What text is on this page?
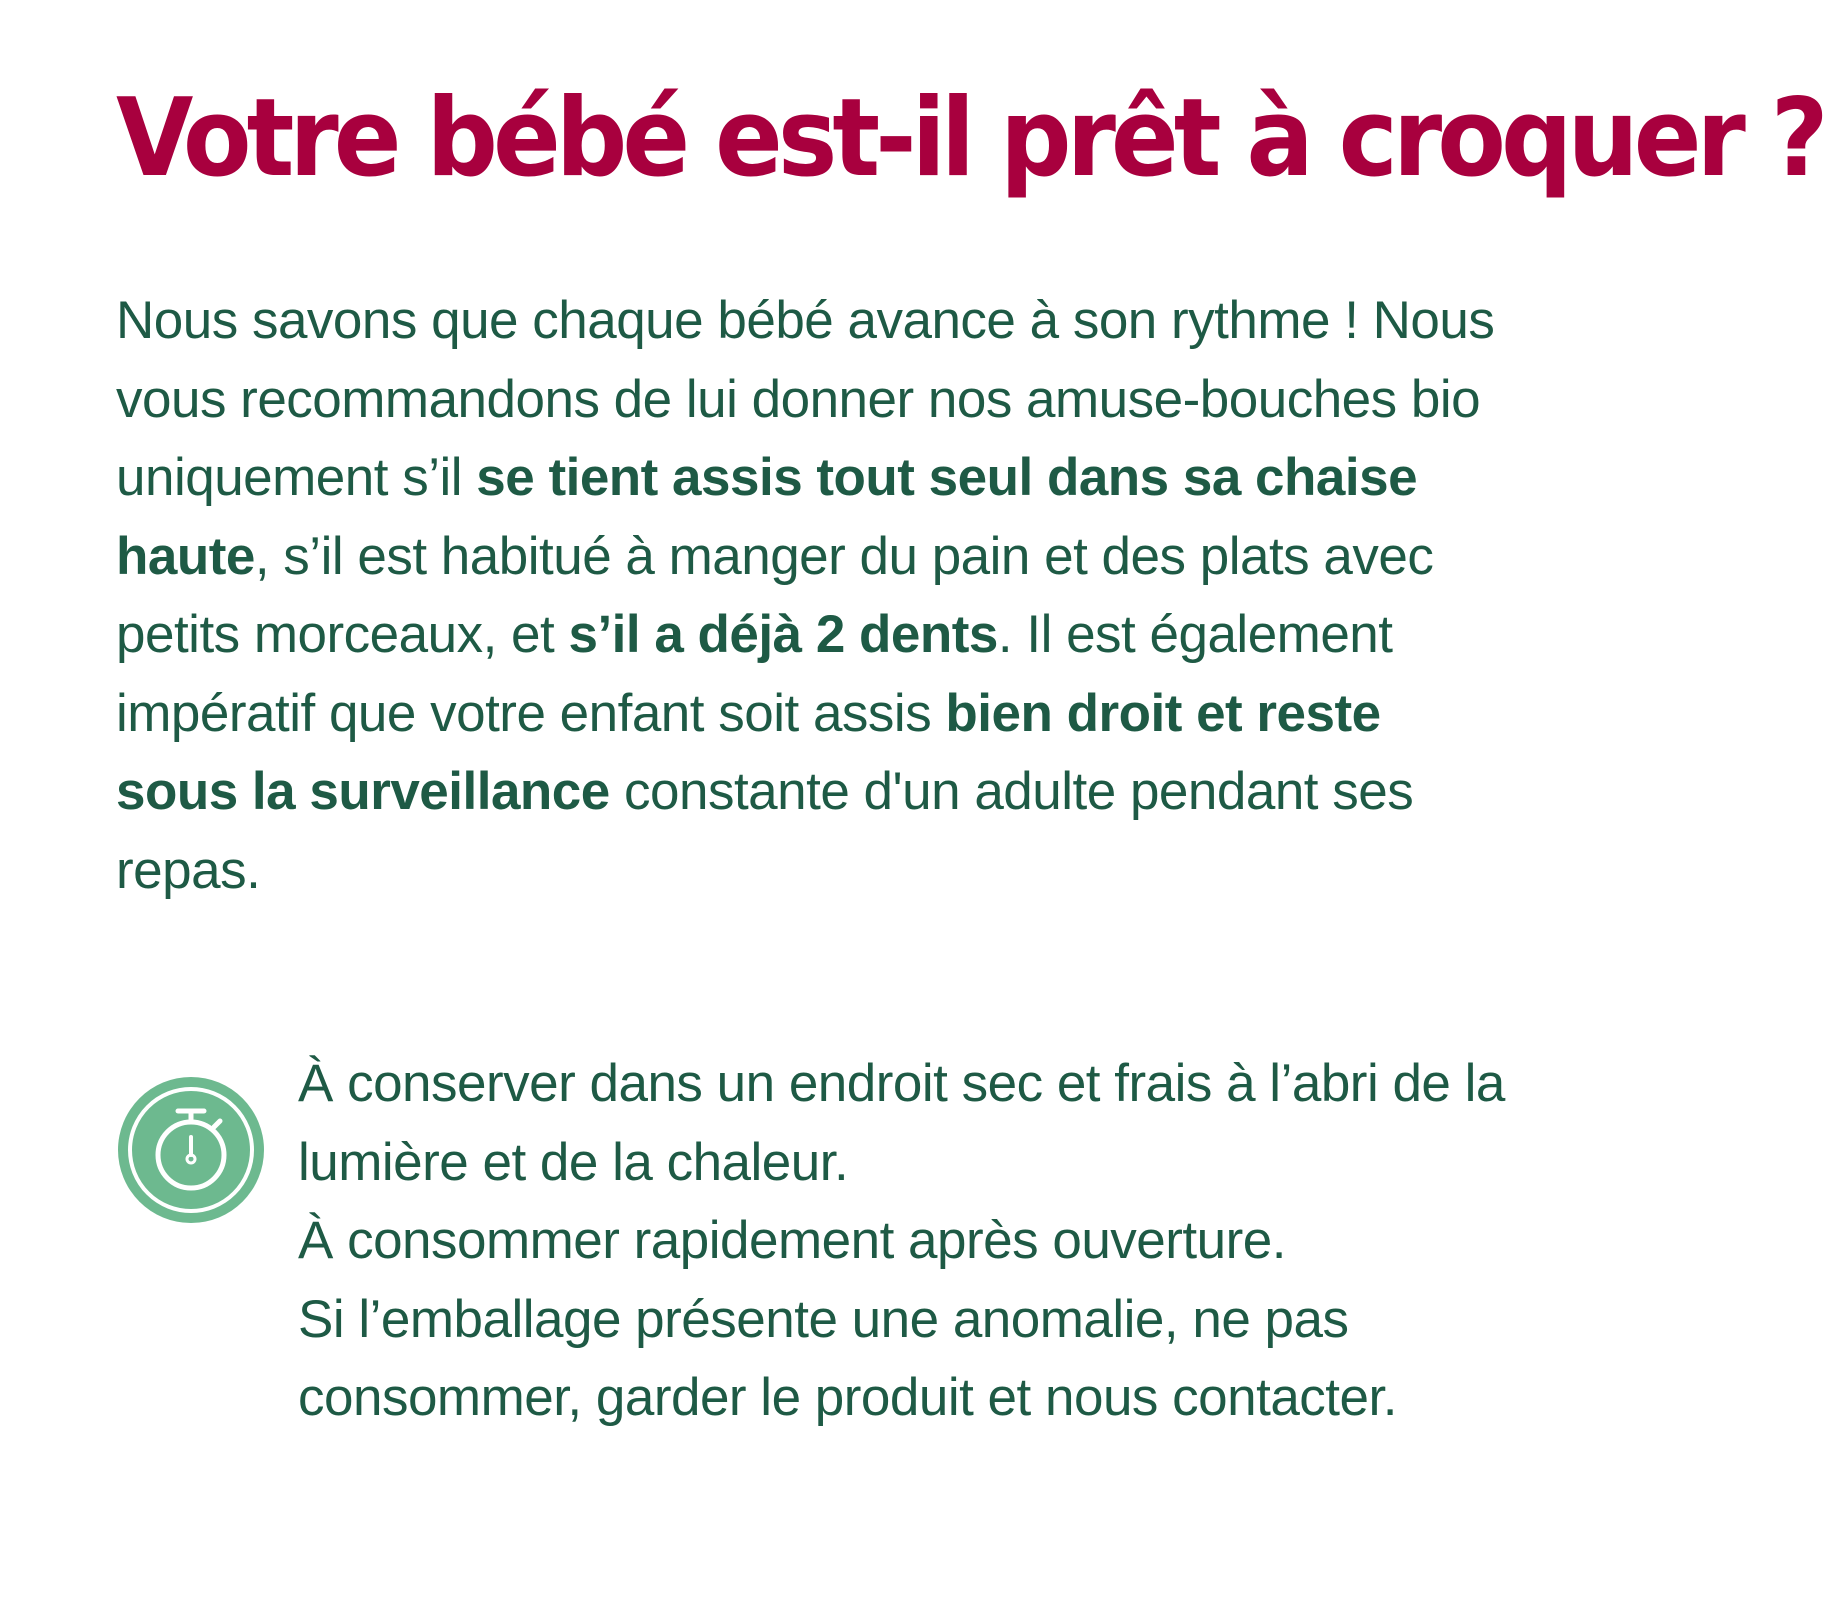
Votre bébé est-il prêt à croquer ?

Nous savons que chaque bébé avance à son rythme ! Nous vous recommandons de lui donner nos amuse-bouches bio uniquement s’il se tient assis tout seul dans sa chaise haute, s’il est habitué à manger du pain et des plats avec petits morceaux, et s’il a déjà 2 dents. Il est également impératif que votre enfant soit assis bien droit et reste sous la surveillance constante d'un adulte pendant ses repas.

À conserver dans un endroit sec et frais à l’abri de la lumière et de la chaleur.
À consommer rapidement après ouverture.
Si l’emballage présente une anomalie, ne pas consommer, garder le produit et nous contacter.
